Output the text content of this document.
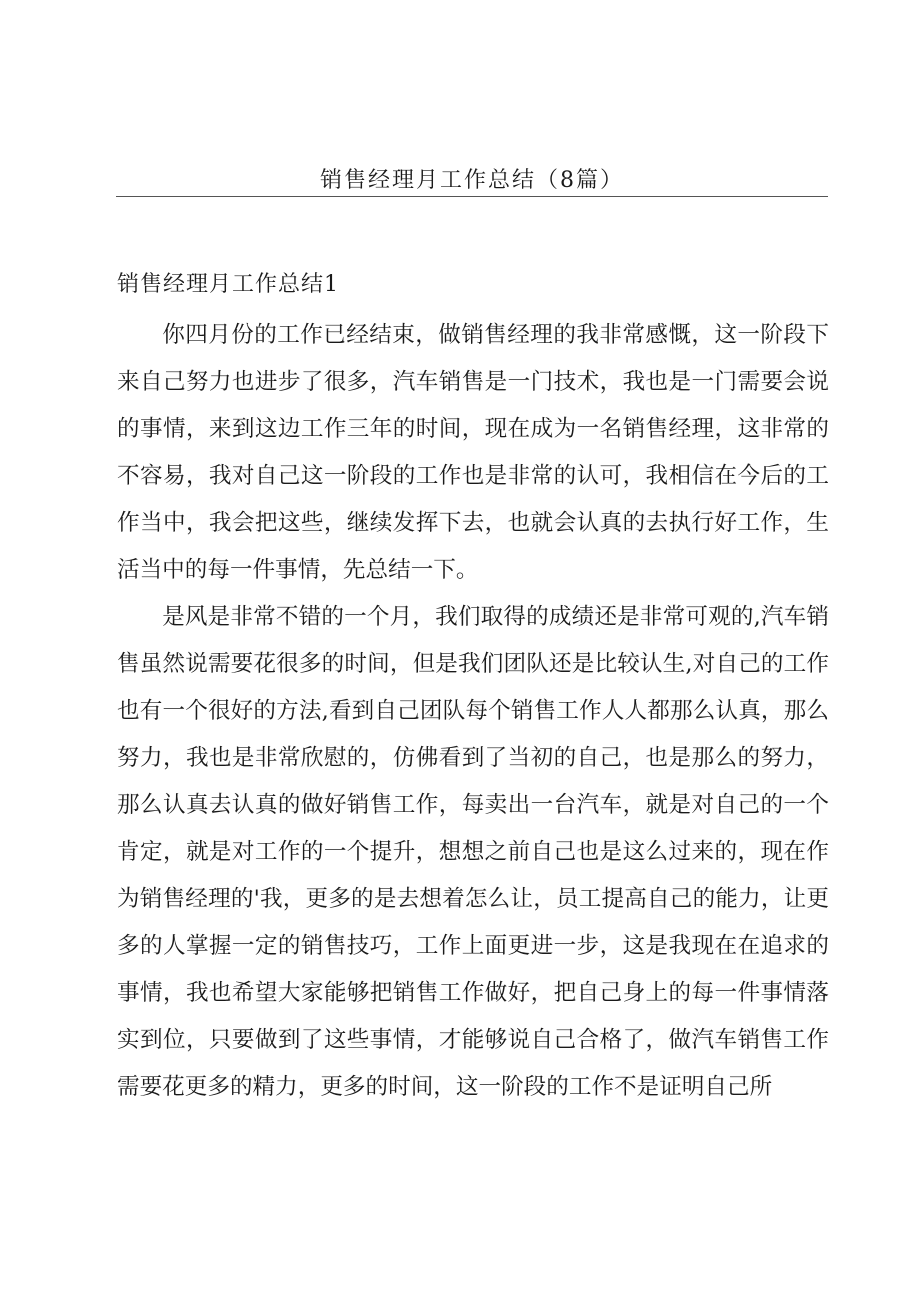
销售经理月工作总结（8篇）
销售经理月工作总结1

你四月份的工作已经结束，做销售经理的我非常感慨，这一阶段下来自己努力也进步了很多，汽车销售是一门技术，我也是一门需要会说的事情，来到这边工作三年的时间，现在成为一名销售经理，这非常的不容易，我对自己这一阶段的工作也是非常的认可，我相信在今后的工作当中，我会把这些，继续发挥下去，也就会认真的去执行好工作，生活当中的每一件事情，先总结一下。

是风是非常不错的一个月，我们取得的成绩还是非常可观的,汽车销售虽然说需要花很多的时间，但是我们团队还是比较认生,对自己的工作也有一个很好的方法,看到自己团队每个销售工作人人都那么认真，那么努力，我也是非常欣慰的，仿佛看到了当初的自己，也是那么的努力，那么认真去认真的做好销售工作，每卖出一台汽车，就是对自己的一个肯定，就是对工作的一个提升，想想之前自己也是这么过来的，现在作为销售经理的'我，更多的是去想着怎么让，员工提高自己的能力，让更多的人掌握一定的销售技巧，工作上面更进一步，这是我现在在追求的事情，我也希望大家能够把销售工作做好，把自己身上的每一件事情落实到位，只要做到了这些事情，才能够说自己合格了，做汽车销售工作需要花更多的精力，更多的时间，这一阶段的工作不是证明自己所
